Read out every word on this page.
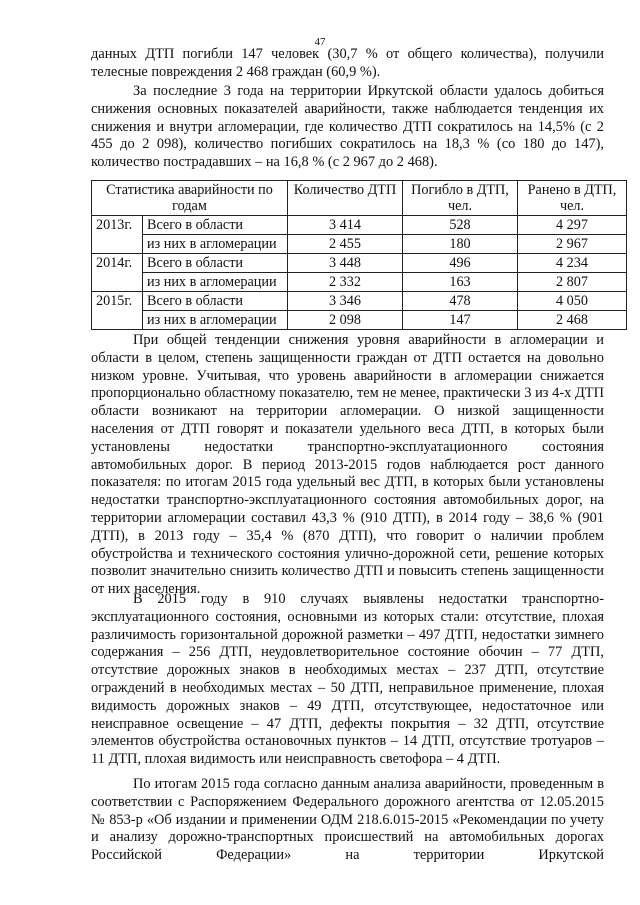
47

данных ДТП погибли 147 человек (30,7 % от общего количества), получили

телесные повреждения 2 468 граждан (60,9 %).

За последние 3 года на территории Иркутской области удалось добиться снижения основных показателей аварийности, также наблюдается тенденция их снижения и внутри агломерации, где количество ДТП сократилось на 14,5% (с 2 455 до 2 098), количество погибших сократилось на 18,3 % (со 180 до 147), количество пострадавших – на 16,8 % (с 2 967 до 2 468).

Статистика аварийности по годам		Количество ДТП	Погибло в ДТП, чел.	Ранено в ДТП, чел.
2013г.	Всего в области	3 414	528	4 297
	из них в агломерации	2 455	180	2 967
2014г.	Всего в области	3 448	496	4 234
	из них в агломерации	2 332	163	2 807
2015г.	Всего в области	3 346	478	4 050
	из них в агломерации	2 098	147	2 468

При общей тенденции снижения уровня аварийности в агломерации и области в целом, степень защищенности граждан от ДТП остается на довольно низком уровне. Учитывая, что уровень аварийности в агломерации снижается пропорционально областному показателю, тем не менее, практически 3 из 4-х ДТП области возникают на территории агломерации. О низкой защищенности населения от ДТП говорят и показатели удельного веса ДТП, в которых были установлены недостатки транспортно-эксплуатационного состояния автомобильных дорог. В период 2013-2015 годов наблюдается рост данного показателя: по итогам 2015 года удельный вес ДТП, в которых были установлены недостатки транспортно-эксплуатационного состояния автомобильных дорог, на территории агломерации составил 43,3 % (910 ДТП), в 2014 году – 38,6 % (901 ДТП), в 2013 году – 35,4 % (870 ДТП), что говорит о наличии проблем обустройства и технического состояния улично-дорожной сети, решение которых позволит значительно снизить количество ДТП и повысить степень защищенности от них населения.

В 2015 году в 910 случаях выявлены недостатки транспортно-эксплуатационного состояния, основными из которых стали: отсутствие, плохая различимость горизонтальной дорожной разметки – 497 ДТП, недостатки зимнего содержания – 256 ДТП, неудовлетворительное состояние обочин – 77 ДТП, отсутствие дорожных знаков в необходимых местах – 237 ДТП, отсутствие ограждений в необходимых местах – 50 ДТП, неправильное применение, плохая видимость дорожных знаков – 49 ДТП, отсутствующее, недостаточное или неисправное освещение – 47 ДТП, дефекты покрытия – 32 ДТП, отсутствие элементов обустройства остановочных пунктов – 14 ДТП, отсутствие тротуаров – 11 ДТП, плохая видимость или неисправность светофора – 4 ДТП.

По итогам 2015 года согласно данным анализа аварийности, проведенным в соответствии с Распоряжением Федерального дорожного агентства от 12.05.2015 № 853-р «Об издании и применении ОДМ 218.6.015-2015 «Рекомендации по учету и анализу дорожно-транспортных происшествий на автомобильных дорогах Российской Федерации» на территории Иркутской
